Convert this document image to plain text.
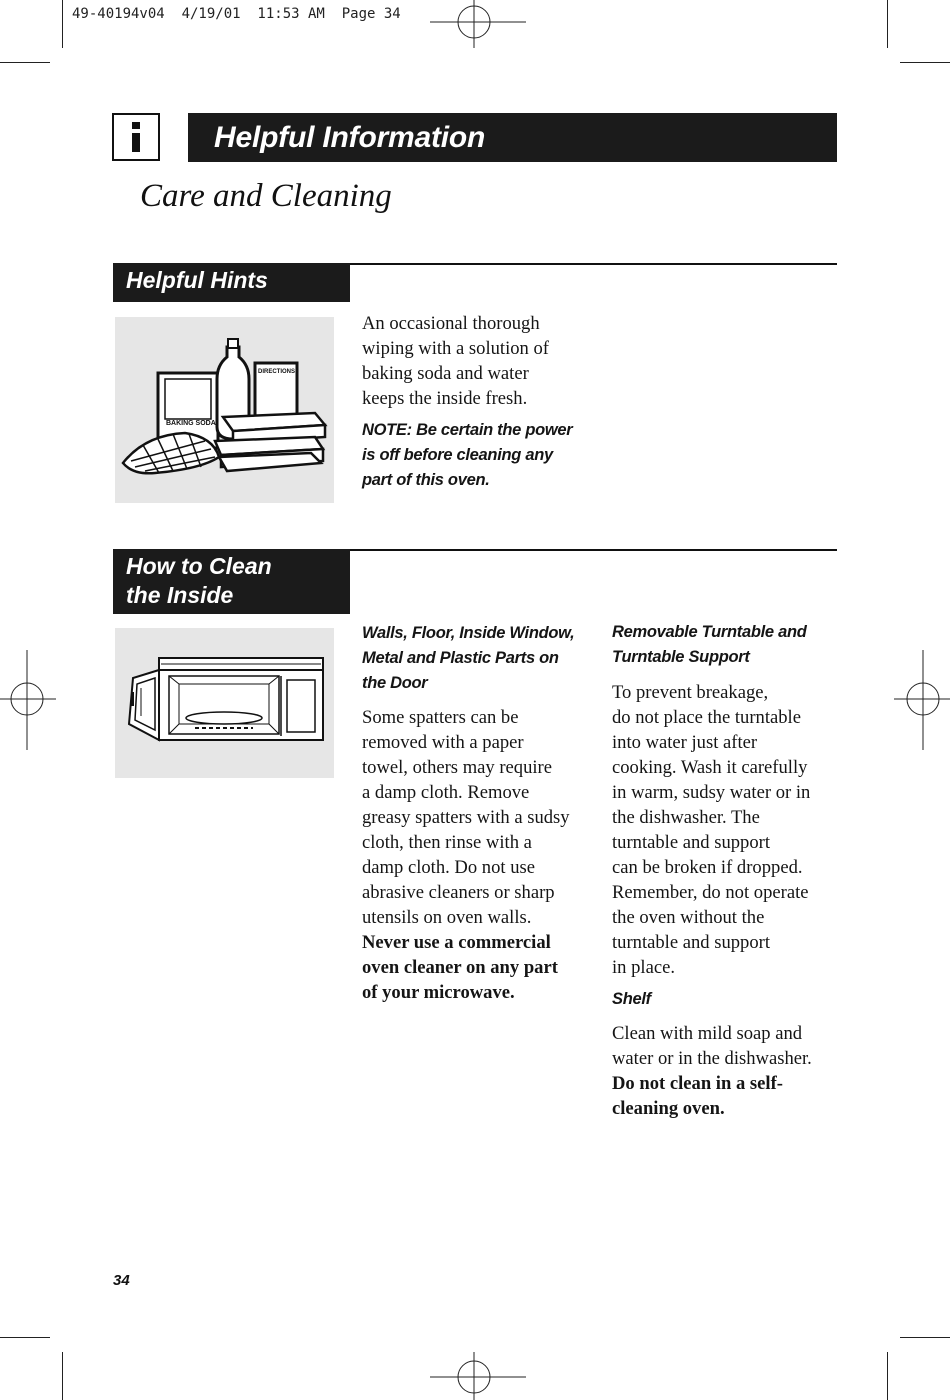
49-40194v04  4/19/01  11:53 AM  Page 34
Helpful Information
Care and Cleaning
Helpful Hints
BAKING SODA
DIRECTIONS
An occasional thorough
wiping with a solution of
baking soda and water
keeps the inside fresh.
NOTE: Be certain the power
is off before cleaning any
part of this oven.
How to Clean
the Inside
Walls, Floor, Inside Window,
Metal and Plastic Parts on
the Door
Some spatters can be
removed with a paper
towel, others may require
a damp cloth. Remove
greasy spatters with a sudsy
cloth, then rinse with a
damp cloth. Do not use
abrasive cleaners or sharp
utensils on oven walls.
Never use a commercial
oven cleaner on any part
of your microwave.
Removable Turntable and
Turntable Support
To prevent breakage,
do not place the turntable
into water just after
cooking. Wash it carefully
in warm, sudsy water or in
the dishwasher. The
turntable and support
can be broken if dropped.
Remember, do not operate
the oven without the
turntable and support
in place.
Shelf
Clean with mild soap and
water or in the dishwasher.
Do not clean in a self-
cleaning oven.
34
